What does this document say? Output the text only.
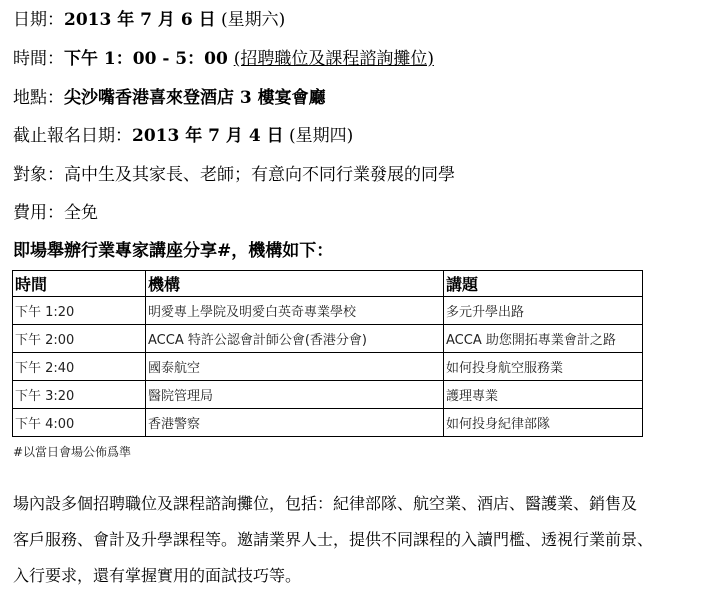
日期：2013 年 7 月 6 日 (星期六)
時間：下午 1：00 - 5：00 (招聘職位及課程諮詢攤位)
地點：尖沙嘴香港喜來登酒店 3 樓宴會廳
截止報名日期：2013 年 7 月 4 日 (星期四)
對象：高中生及其家長、老師；有意向不同行業發展的同學
費用：全免
即場舉辦行業專家講座分享#，機構如下：
時間	機構	講題
下午 1:20	明愛專上學院及明愛白英奇專業學校	多元升學出路
下午 2:00	ACCA 特許公認會計師公會(香港分會)	ACCA 助您開拓專業會計之路
下午 2:40	國泰航空	如何投身航空服務業
下午 3:20	醫院管理局	護理專業
下午 4:00	香港警察	如何投身紀律部隊
#以當日會場公佈爲準

場內設多個招聘職位及課程諮詢攤位，包括：紀律部隊、航空業、酒店、醫護業、銷售及

客戶服務、會計及升學課程等。邀請業界人士，提供不同課程的入讀門檻、透視行業前景、

入行要求，還有掌握實用的面試技巧等。
